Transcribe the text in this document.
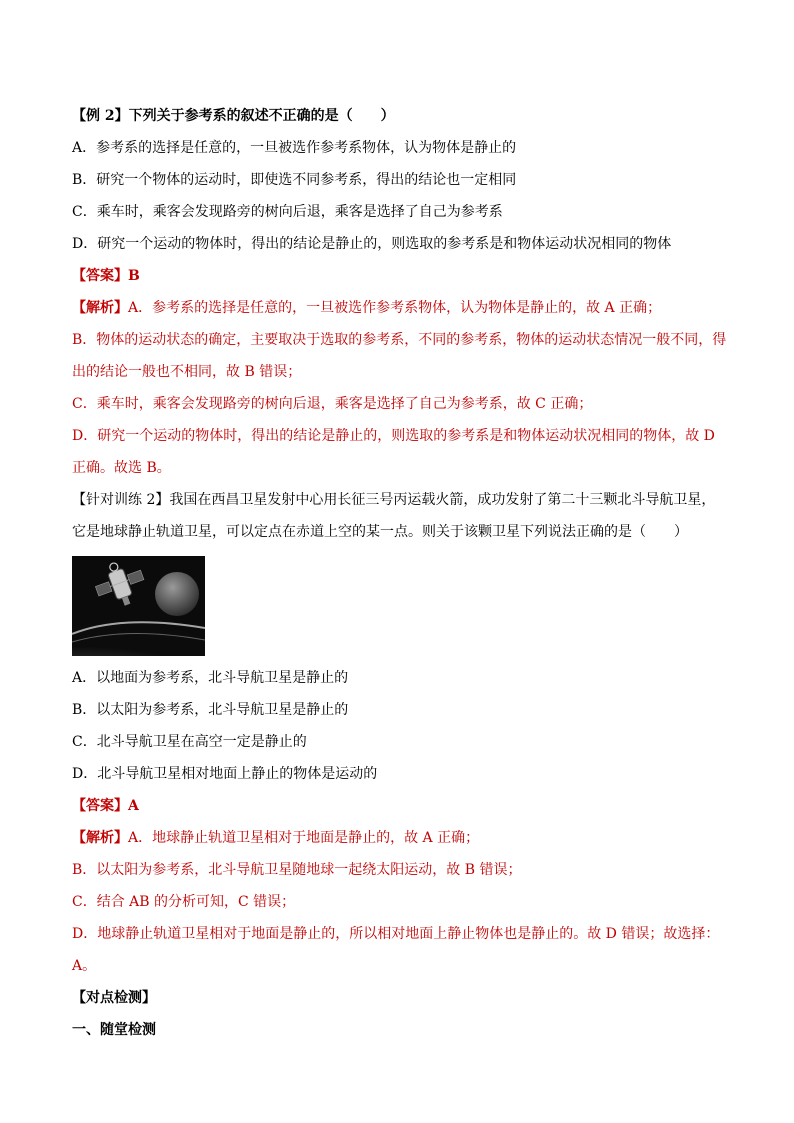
【例 2】下列关于参考系的叙述不正确的是（　　）
A．参考系的选择是任意的，一旦被选作参考系物体，认为物体是静止的
B．研究一个物体的运动时，即使选不同参考系，得出的结论也一定相同
C．乘车时，乘客会发现路旁的树向后退，乘客是选择了自己为参考系
D．研究一个运动的物体时，得出的结论是静止的，则选取的参考系是和物体运动状况相同的物体
【答案】B
【解析】A．参考系的选择是任意的，一旦被选作参考系物体，认为物体是静止的，故 A 正确；
B．物体的运动状态的确定，主要取决于选取的参考系，不同的参考系，物体的运动状态情况一般不同，得出的结论一般也不相同，故 B 错误；
C．乘车时，乘客会发现路旁的树向后退，乘客是选择了自己为参考系，故 C 正确；
D．研究一个运动的物体时，得出的结论是静止的，则选取的参考系是和物体运动状况相同的物体，故 D 正确。故选 B。
【针对训练 2】我国在西昌卫星发射中心用长征三号丙运载火箭，成功发射了第二十三颗北斗导航卫星，它是地球静止轨道卫星，可以定点在赤道上空的某一点。则关于该颗卫星下列说法正确的是（　　）
A．以地面为参考系，北斗导航卫星是静止的
B．以太阳为参考系，北斗导航卫星是静止的
C．北斗导航卫星在高空一定是静止的
D．北斗导航卫星相对地面上静止的物体是运动的
【答案】A
【解析】A．地球静止轨道卫星相对于地面是静止的，故 A 正确；
B．以太阳为参考系，北斗导航卫星随地球一起绕太阳运动，故 B 错误；
C．结合 AB 的分析可知，C 错误；
D．地球静止轨道卫星相对于地面是静止的，所以相对地面上静止物体也是静止的。故 D 错误；故选择：A。
【对点检测】
一、随堂检测
